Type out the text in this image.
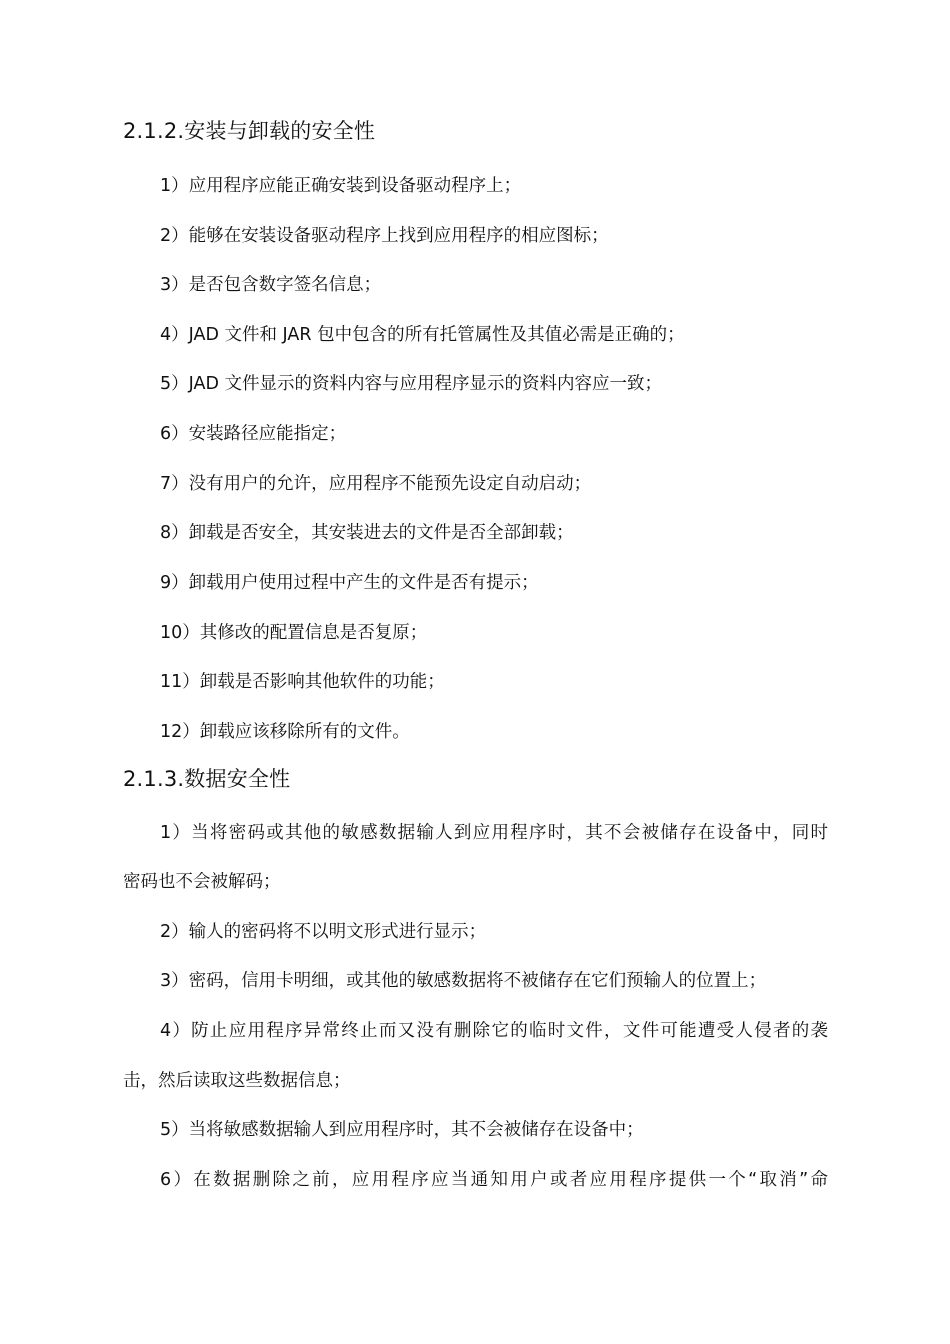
2.1.2.安装与卸载的安全性
1）应用程序应能正确安装到设备驱动程序上；
2）能够在安装设备驱动程序上找到应用程序的相应图标；
3）是否包含数字签名信息；
4）JAD 文件和 JAR 包中包含的所有托管属性及其值必需是正确的；
5）JAD 文件显示的资料内容与应用程序显示的资料内容应一致；
6）安装路径应能指定；
7）没有用户的允许，应用程序不能预先设定自动启动；
8）卸载是否安全，其安装进去的文件是否全部卸载；
9）卸载用户使用过程中产生的文件是否有提示；
10）其修改的配置信息是否复原；
11）卸载是否影响其他软件的功能；
12）卸载应该移除所有的文件。
2.1.3.数据安全性
1）当将密码或其他的敏感数据输人到应用程序时，其不会被储存在设备中，同时
密码也不会被解码；
2）输人的密码将不以明文形式进行显示；
3）密码，信用卡明细，或其他的敏感数据将不被储存在它们预输人的位置上；
4）防止应用程序异常终止而又没有删除它的临时文件，文件可能遭受人侵者的袭
击，然后读取这些数据信息；
5）当将敏感数据输人到应用程序时，其不会被储存在设备中；
6）在数据删除之前，应用程序应当通知用户或者应用程序提供一个“取消”命
